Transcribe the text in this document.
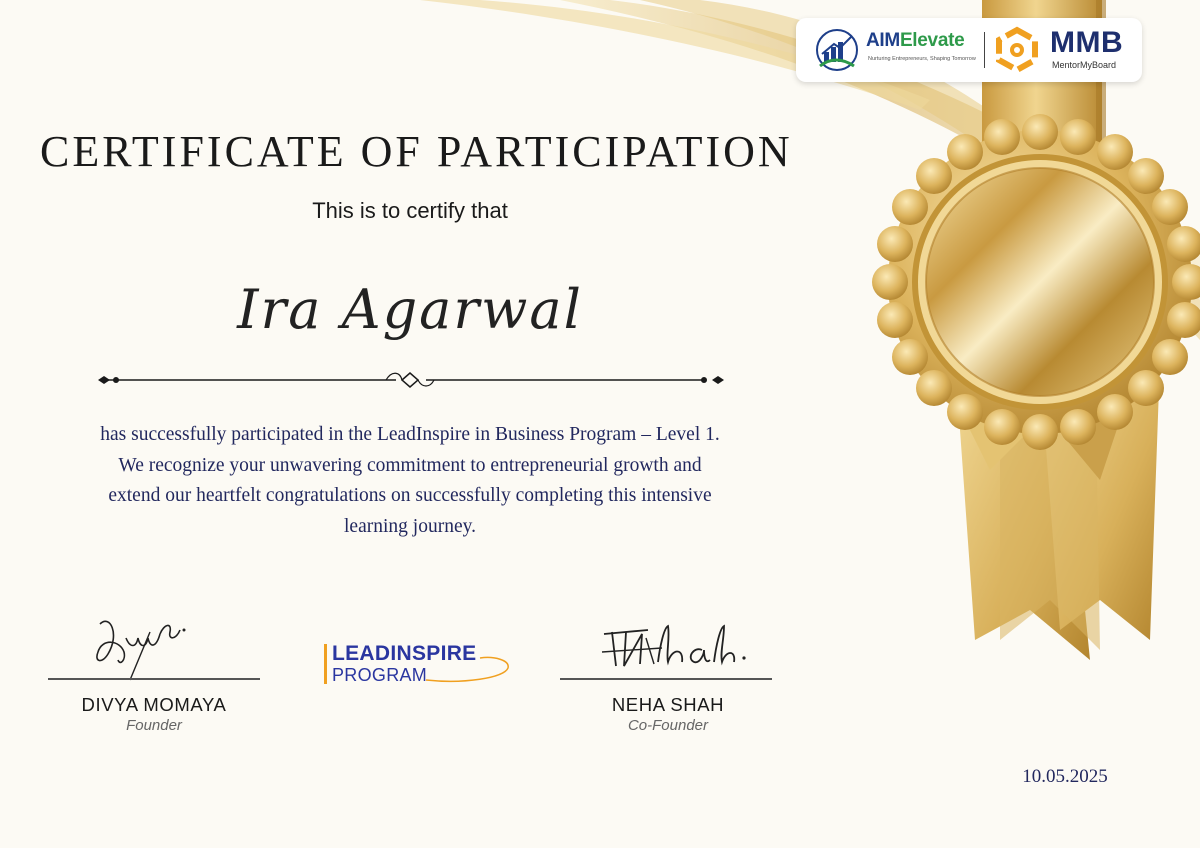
AIMElevate
Nurturing Entrepreneurs, Shaping Tomorrow MMB
MentorMyBoard
CERTIFICATE OF PARTICIPATION
This is to certify that
Ira Agarwal
has successfully participated in the LeadInspire in Business Program – Level 1.
We recognize your unwavering commitment to entrepreneurial growth and
extend our heartfelt congratulations on successfully completing this intensive
learning journey.
DIVYA MOMAYA
Founder
LEADINSPIRE
PROGRAM
NEHA SHAH
Co-Founder
10.05.2025
